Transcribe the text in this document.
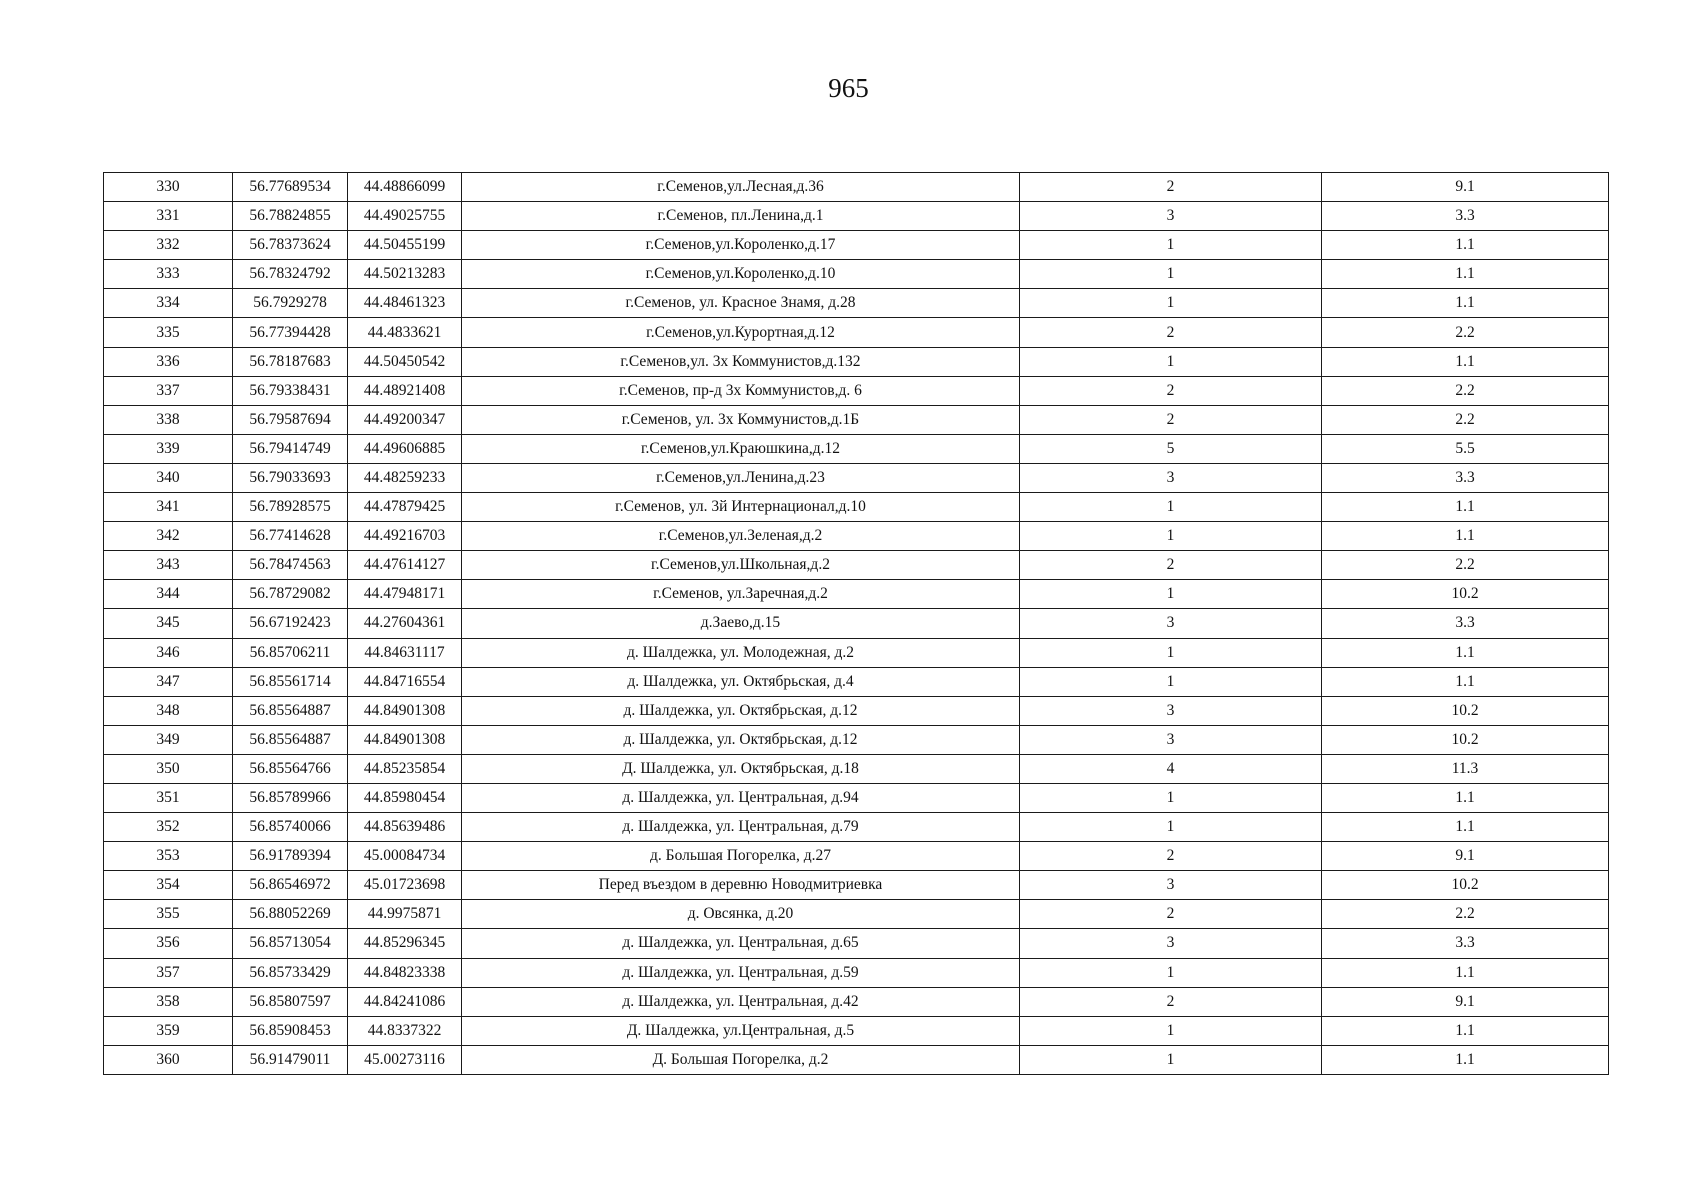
965
330	56.77689534	44.48866099	г.Семенов,ул.Лесная,д.36	2	9.1
331	56.78824855	44.49025755	г.Семенов, пл.Ленина,д.1	3	3.3
332	56.78373624	44.50455199	г.Семенов,ул.Короленко,д.17	1	1.1
333	56.78324792	44.50213283	г.Семенов,ул.Короленко,д.10	1	1.1
334	56.7929278	44.48461323	г.Семенов, ул. Красное Знамя, д.28	1	1.1
335	56.77394428	44.4833621	г.Семенов,ул.Курортная,д.12	2	2.2
336	56.78187683	44.50450542	г.Семенов,ул. 3х Коммунистов,д.132	1	1.1
337	56.79338431	44.48921408	г.Семенов, пр-д 3х Коммунистов,д. 6	2	2.2
338	56.79587694	44.49200347	г.Семенов, ул. 3х Коммунистов,д.1Б	2	2.2
339	56.79414749	44.49606885	г.Семенов,ул.Краюшкина,д.12	5	5.5
340	56.79033693	44.48259233	г.Семенов,ул.Ленина,д.23	3	3.3
341	56.78928575	44.47879425	г.Семенов, ул. 3й Интернационал,д.10	1	1.1
342	56.77414628	44.49216703	г.Семенов,ул.Зеленая,д.2	1	1.1
343	56.78474563	44.47614127	г.Семенов,ул.Школьная,д.2	2	2.2
344	56.78729082	44.47948171	г.Семенов, ул.Заречная,д.2	1	10.2
345	56.67192423	44.27604361	д.Заево,д.15	3	3.3
346	56.85706211	44.84631117	д. Шалдежка, ул. Молодежная, д.2	1	1.1
347	56.85561714	44.84716554	д. Шалдежка, ул. Октябрьская, д.4	1	1.1
348	56.85564887	44.84901308	д. Шалдежка, ул. Октябрьская, д.12	3	10.2
349	56.85564887	44.84901308	д. Шалдежка, ул. Октябрьская, д.12	3	10.2
350	56.85564766	44.85235854	Д. Шалдежка, ул. Октябрьская, д.18	4	11.3
351	56.85789966	44.85980454	д. Шалдежка, ул. Центральная, д.94	1	1.1
352	56.85740066	44.85639486	д. Шалдежка, ул. Центральная, д.79	1	1.1
353	56.91789394	45.00084734	д. Большая Погорелка, д.27	2	9.1
354	56.86546972	45.01723698	Перед въездом в деревню Новодмитриевка	3	10.2
355	56.88052269	44.9975871	д. Овсянка, д.20	2	2.2
356	56.85713054	44.85296345	д. Шалдежка, ул. Центральная, д.65	3	3.3
357	56.85733429	44.84823338	д. Шалдежка, ул. Центральная, д.59	1	1.1
358	56.85807597	44.84241086	д. Шалдежка, ул. Центральная, д.42	2	9.1
359	56.85908453	44.8337322	Д. Шалдежка, ул.Центральная, д.5	1	1.1
360	56.91479011	45.00273116	Д. Большая Погорелка, д.2	1	1.1
